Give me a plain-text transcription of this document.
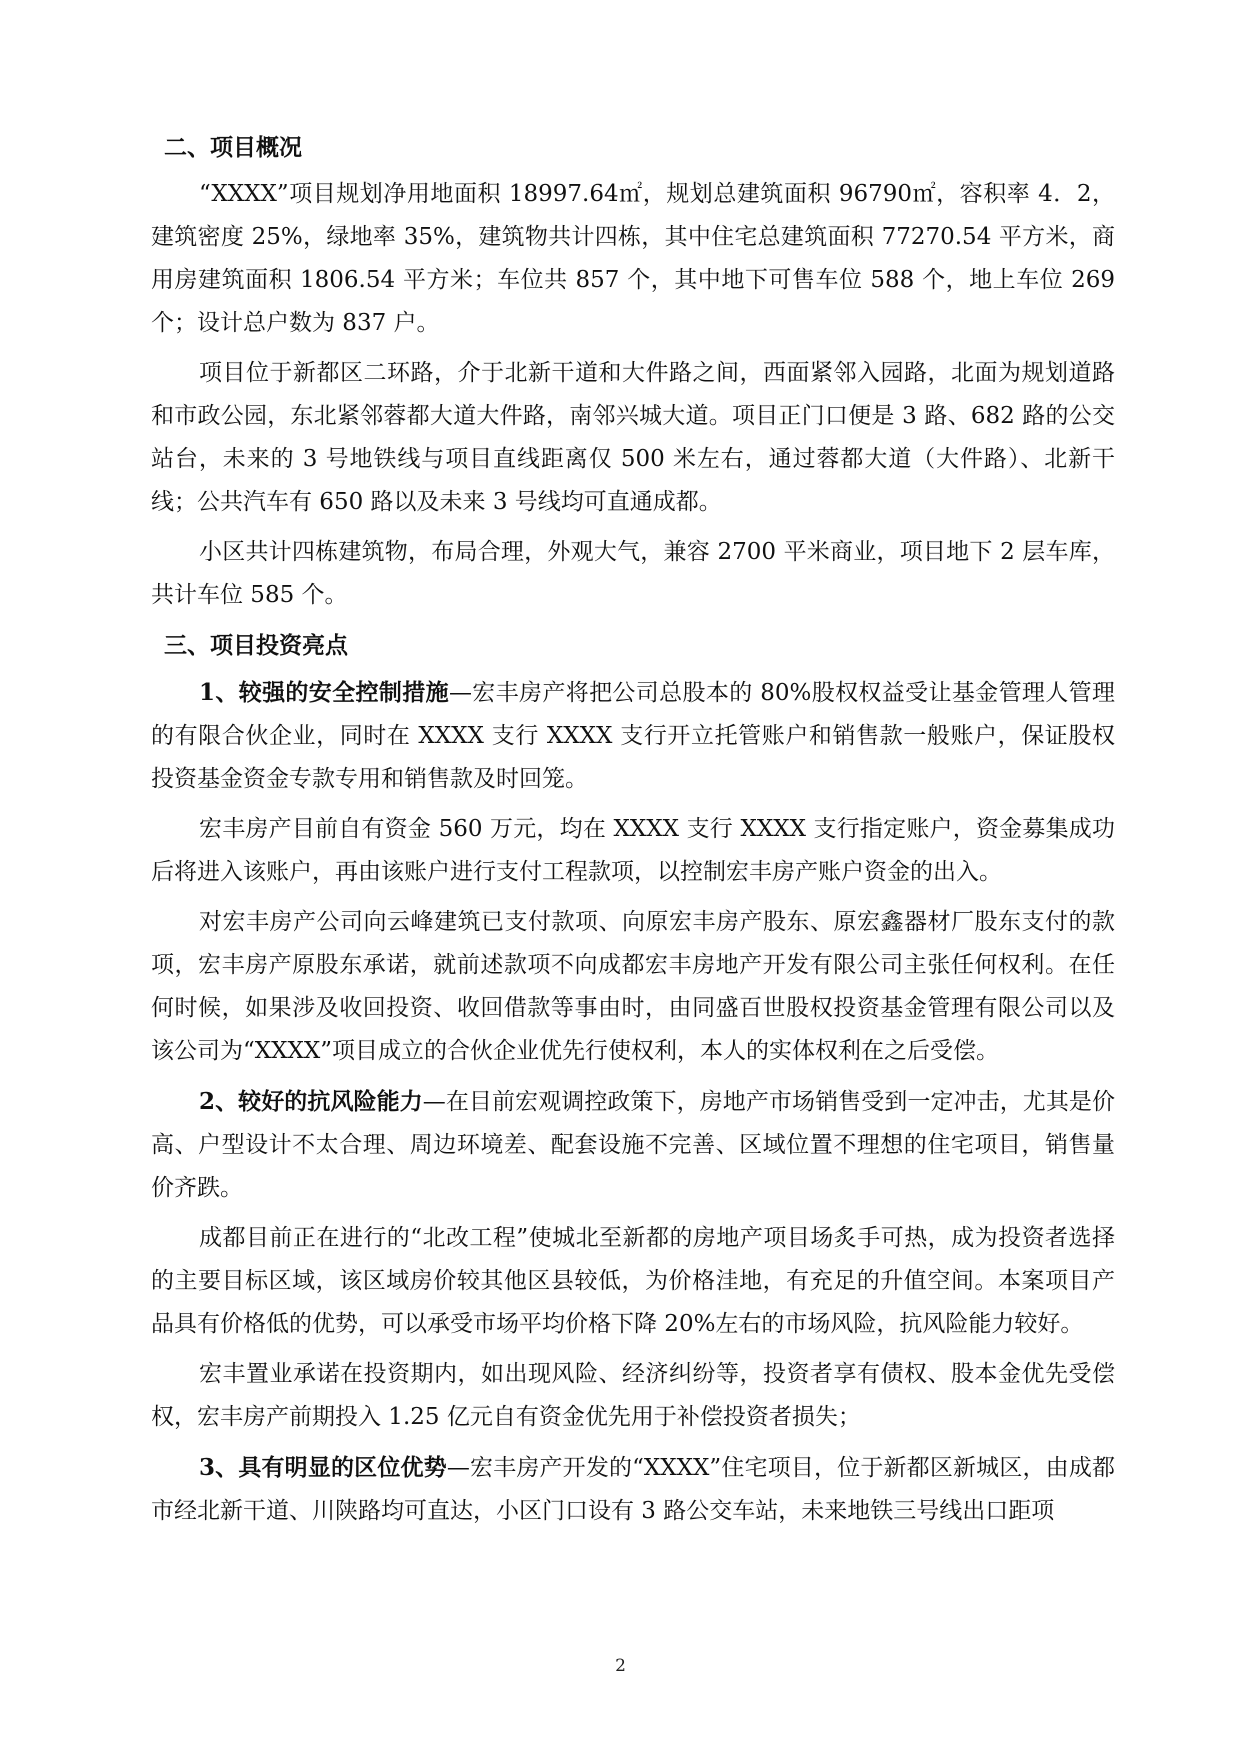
二、项目概况

“XXXX”项目规划净用地面积 18997.64㎡，规划总建筑面积 96790㎡，容积率 4．2，建筑密度 25%，绿地率 35%，建筑物共计四栋，其中住宅总建筑面积 77270.54 平方米，商用房建筑面积 1806.54 平方米；车位共 857 个，其中地下可售车位 588 个，地上车位 269 个；设计总户数为 837 户。

项目位于新都区二环路，介于北新干道和大件路之间，西面紧邻入园路，北面为规划道路和市政公园，东北紧邻蓉都大道大件路，南邻兴城大道。项目正门口便是 3 路、682 路的公交站台，未来的 3 号地铁线与项目直线距离仅 500 米左右，通过蓉都大道（大件路）、北新干线；公共汽车有 650 路以及未来 3 号线均可直通成都。

小区共计四栋建筑物，布局合理，外观大气，兼容 2700 平米商业，项目地下 2 层车库，共计车位 585 个。

三、项目投资亮点

1、较强的安全控制措施—宏丰房产将把公司总股本的 80%股权权益受让基金管理人管理的有限合伙企业，同时在 XXXX 支行 XXXX 支行开立托管账户和销售款一般账户，保证股权投资基金资金专款专用和销售款及时回笼。

宏丰房产目前自有资金 560 万元，均在 XXXX 支行 XXXX 支行指定账户，资金募集成功后将进入该账户，再由该账户进行支付工程款项，以控制宏丰房产账户资金的出入。

对宏丰房产公司向云峰建筑已支付款项、向原宏丰房产股东、原宏鑫器材厂股东支付的款项，宏丰房产原股东承诺，就前述款项不向成都宏丰房地产开发有限公司主张任何权利。在任何时候，如果涉及收回投资、收回借款等事由时，由同盛百世股权投资基金管理有限公司以及该公司为“XXXX”项目成立的合伙企业优先行使权利，本人的实体权利在之后受偿。

2、较好的抗风险能力—在目前宏观调控政策下，房地产市场销售受到一定冲击，尤其是价高、户型设计不太合理、周边环境差、配套设施不完善、区域位置不理想的住宅项目，销售量价齐跌。

成都目前正在进行的“北改工程”使城北至新都的房地产项目场炙手可热，成为投资者选择的主要目标区域，该区域房价较其他区县较低，为价格洼地，有充足的升值空间。本案项目产品具有价格低的优势，可以承受市场平均价格下降 20%左右的市场风险，抗风险能力较好。

宏丰置业承诺在投资期内，如出现风险、经济纠纷等，投资者享有债权、股本金优先受偿权，宏丰房产前期投入 1.25 亿元自有资金优先用于补偿投资者损失；

3、具有明显的区位优势—宏丰房产开发的“XXXX”住宅项目，位于新都区新城区，由成都市经北新干道、川陕路均可直达，小区门口设有 3 路公交车站，未来地铁三号线出口距项

2
